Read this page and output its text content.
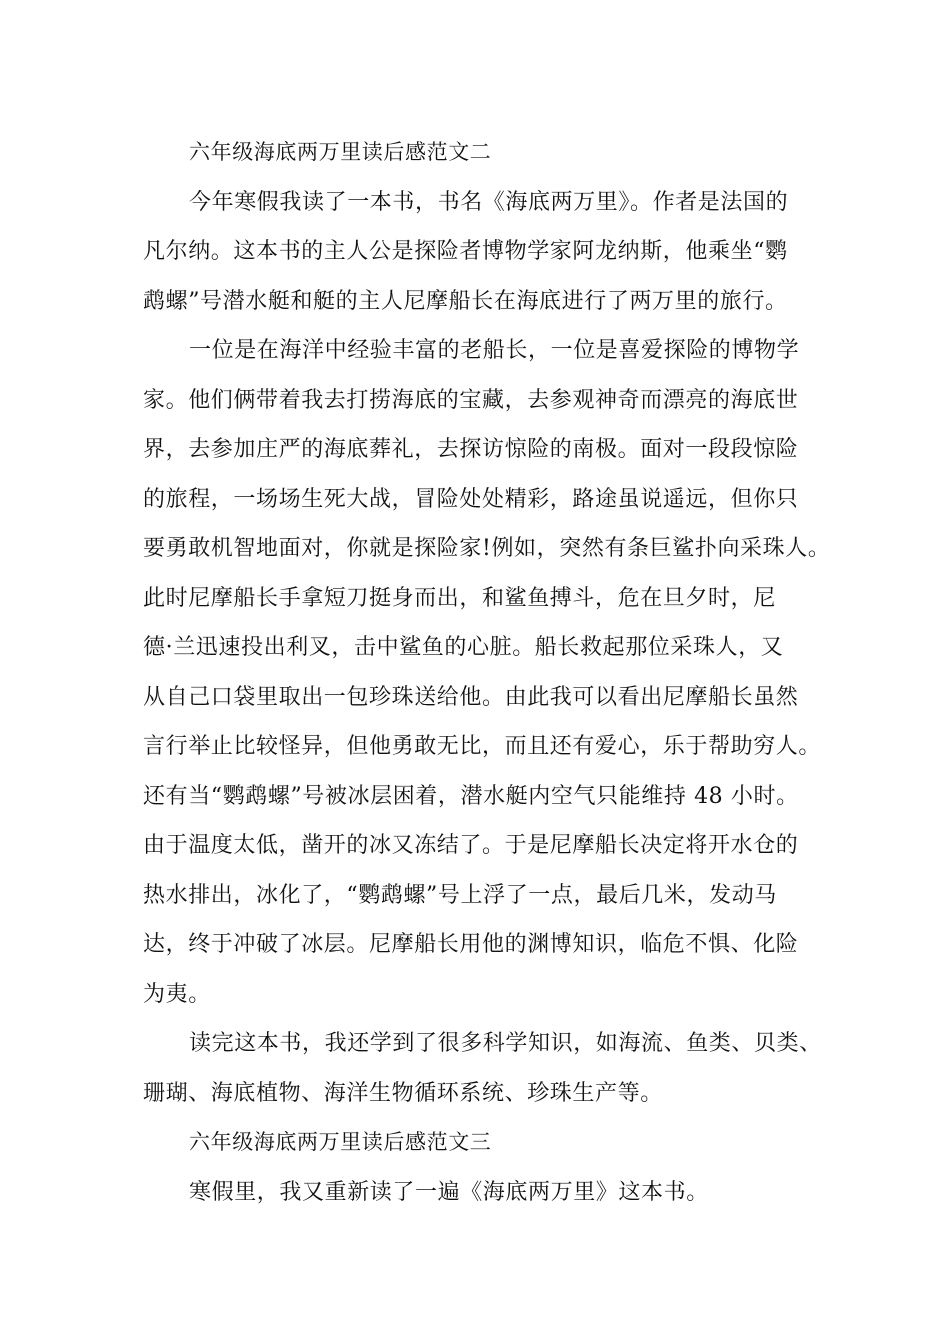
六年级海底两万里读后感范文二
今年寒假我读了一本书，书名《海底两万里》。作者是法国的
凡尔纳。这本书的主人公是探险者博物学家阿龙纳斯，他乘坐“鹦
鹉螺”号潜水艇和艇的主人尼摩船长在海底进行了两万里的旅行。
一位是在海洋中经验丰富的老船长，一位是喜爱探险的博物学
家。他们俩带着我去打捞海底的宝藏，去参观神奇而漂亮的海底世
界，去参加庄严的海底葬礼，去探访惊险的南极。面对一段段惊险
的旅程，一场场生死大战，冒险处处精彩，路途虽说遥远，但你只
要勇敢机智地面对，你就是探险家!例如，突然有条巨鲨扑向采珠人。
此时尼摩船长手拿短刀挺身而出，和鲨鱼搏斗，危在旦夕时，尼
德·兰迅速投出利叉，击中鲨鱼的心脏。船长救起那位采珠人，又
从自己口袋里取出一包珍珠送给他。由此我可以看出尼摩船长虽然
言行举止比较怪异，但他勇敢无比，而且还有爱心，乐于帮助穷人。
还有当“鹦鹉螺”号被冰层困着，潜水艇内空气只能维持 48 小时。
由于温度太低，凿开的冰又冻结了。于是尼摩船长决定将开水仓的
热水排出，冰化了，“鹦鹉螺”号上浮了一点，最后几米，发动马
达，终于冲破了冰层。尼摩船长用他的渊博知识，临危不惧、化险
为夷。
读完这本书，我还学到了很多科学知识，如海流、鱼类、贝类、
珊瑚、海底植物、海洋生物循环系统、珍珠生产等。
六年级海底两万里读后感范文三
寒假里，我又重新读了一遍《海底两万里》这本书。
